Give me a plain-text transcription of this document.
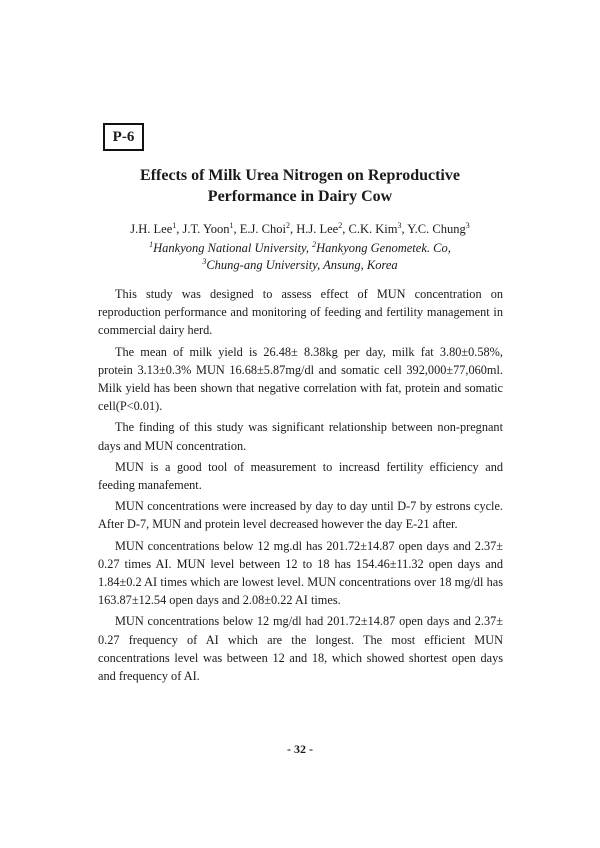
P-6
Effects of Milk Urea Nitrogen on Reproductive
Performance in Dairy Cow
J.H. Lee$^1$, J.T. Yoon$^1$, E.J. Choi$^2$, H.J. Lee$^2$, C.K. Kim$^3$, Y.C. Chung$^3$
$^1$Hankyong National University, $^2$Hankyong Genometek. Co,
$^3$Chung-ang University, Ansung, Korea

This study was designed to assess effect of MUN concentration on reproduction performance and monitoring of feeding and fertility management in commercial dairy herd.

The mean of milk yield is 26.48± 8.38kg per day, milk fat 3.80±0.58%, protein 3.13±0.3% MUN 16.68±5.87mg/dl and somatic cell 392,000±77,060ml. Milk yield has been shown that negative correlation with fat, protein and somatic cell(P<0.01).

The finding of this study was significant relationship between non-pregnant days and MUN concentration.

MUN is a good tool of measurement to increasd fertility efficiency and feeding manafement.

MUN concentrations were increased by day to day until D-7 by estrons cycle. After D-7, MUN and protein level decreased however the day E-21 after.

MUN concentrations below 12 mg.dl has 201.72±14.87 open days and 2.37± 0.27 times AI. MUN level between 12 to 18 has 154.46±11.32 open days and 1.84±0.2 AI times which are lowest level. MUN concentrations over 18 mg/dl has 163.87±12.54 open days and 2.08±0.22 AI times.

MUN concentrations below 12 mg/dl had 201.72±14.87 open days and 2.37± 0.27 frequency of AI which are the longest. The most efficient MUN concentrations level was between 12 and 18, which showed shortest open days and frequency of AI.

- 32 -
